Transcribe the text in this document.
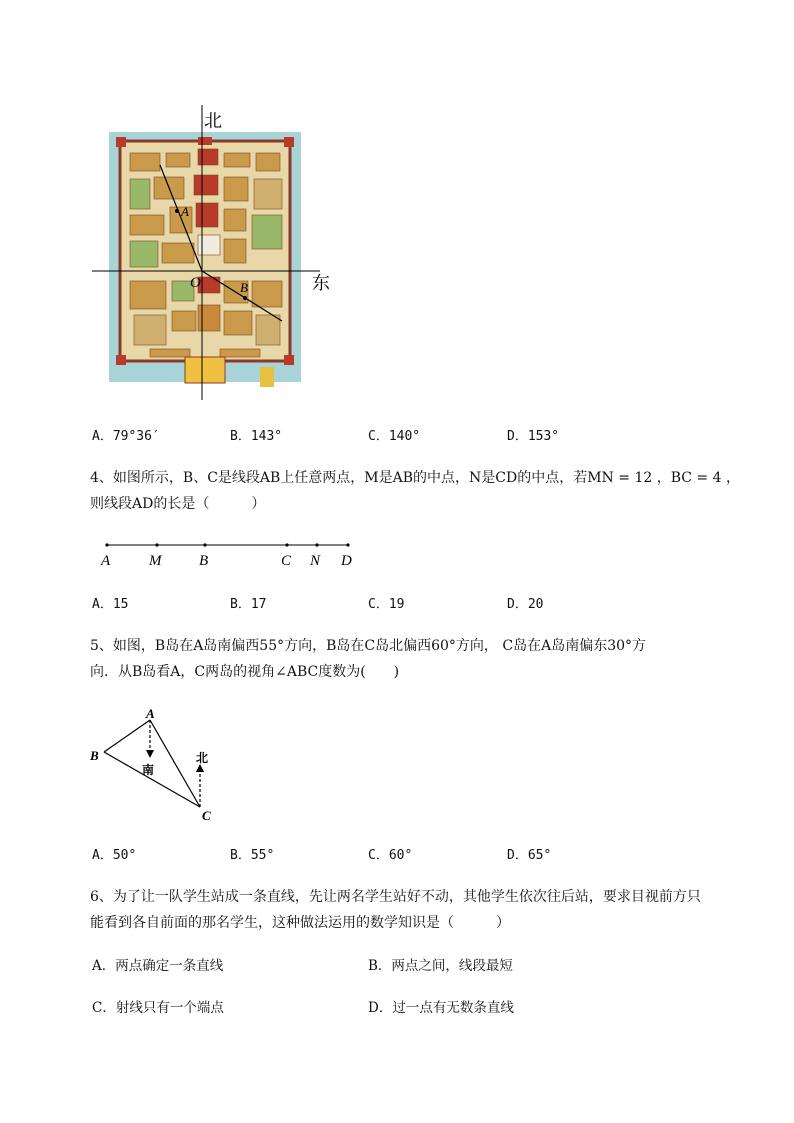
北
东
A
B
O
A．79°36′	B．143°	C．140°	D．153°
4、如图所示，B、C是线段AB上任意两点，M是AB的中点，N是CD的中点，若MN = 12 ，BC = 4 ，
则线段AD的长是（　　　）
A	M	B	C N D
A．15	B．17	C．19	D．20
5、如图，B岛在A岛南偏西55°方向，B岛在C岛北偏西60°方向， C岛在A岛南偏东30°方
向．从B岛看A，C两岛的视角∠ABC度数为(　　)
A
B
C
南
北
A．50°	B．55°	C．60°	D．65°
6、为了让一队学生站成一条直线，先让两名学生站好不动，其他学生依次往后站，要求目视前方只
能看到各自前面的那名学生，这种做法运用的数学知识是（　　　）
A．两点确定一条直线	B．两点之间，线段最短
C．射线只有一个端点	D．过一点有无数条直线
